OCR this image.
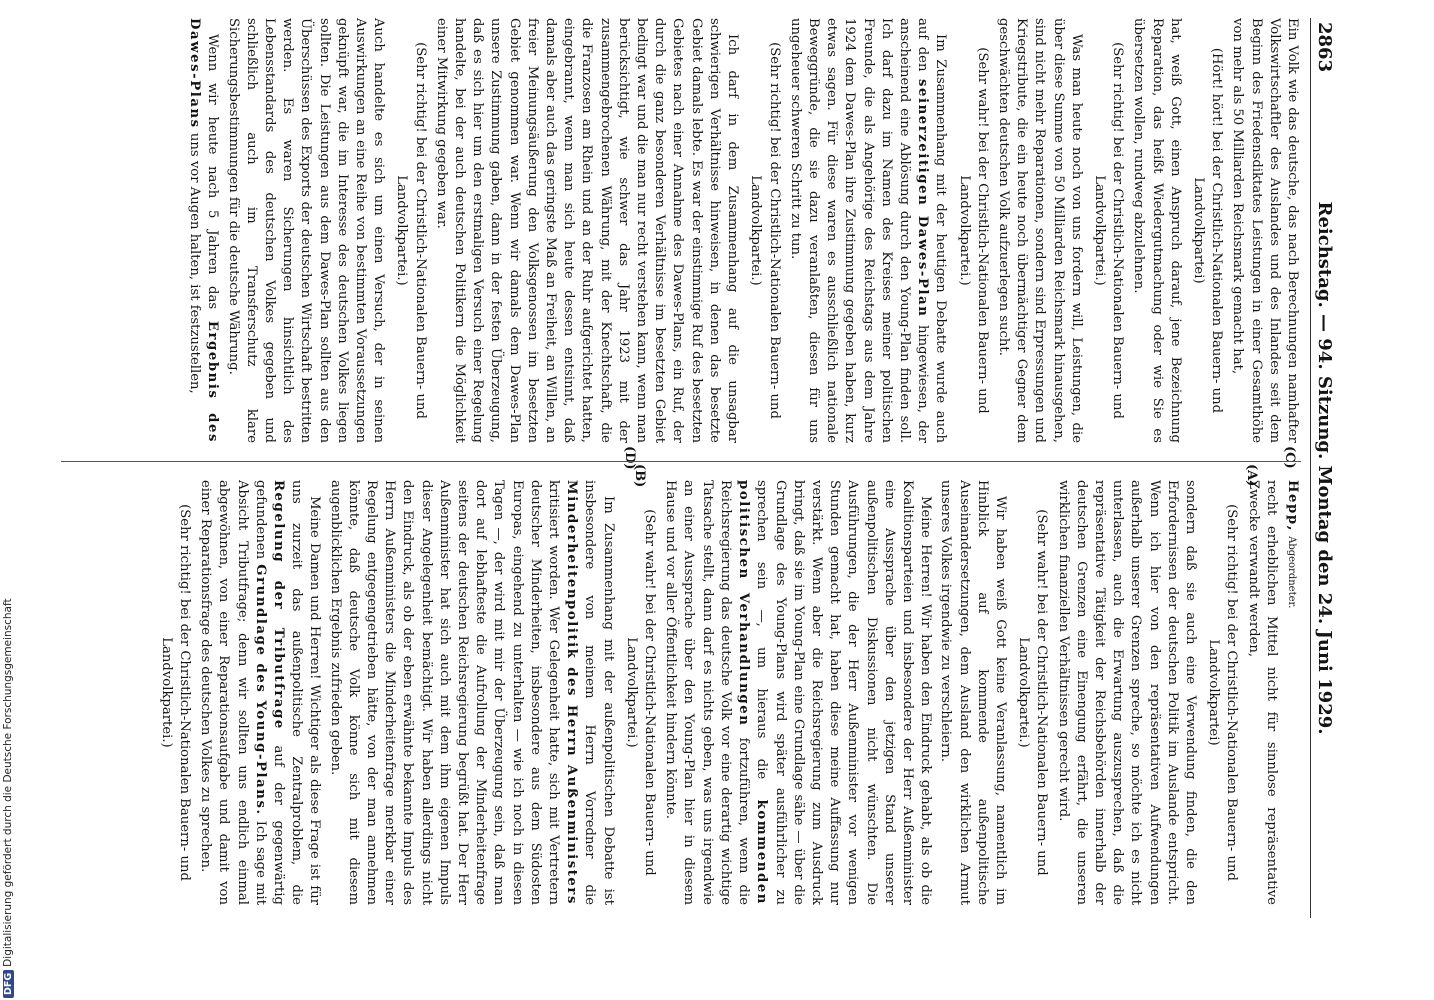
2863
Reichstag. — 94. Sitzung. Montag den 24. Juni 1929.
(C)
(D)

Ein Volk wie das deutsche, das nach Berechnungen namhafter Volkswirtschaftler des Auslandes und des Inlandes seit dem Beginn des Friedensdiktates Leistungen in einer Gesamthöhe von mehr als 50 Milliarden Reichsmark gemacht hat,

(Hört! hört! bei der Christlich-Nationalen Bauern- und Landvolkpartei)

hat, weiß Gott, einen Anspruch darauf, jene Bezeichnung Reparation, das heißt Wiedergutmachung oder wie Sie es übersetzen wollen, rundweg abzulehnen.

(Sehr richtig! bei der Christlich-Nationalen Bauern- und Landvolkpartei.)

Was man heute noch von uns fordern will, Leistungen, die über diese Summe von 50 Milliarden Reichsmark hinausgehen, sind nicht mehr Reparationen, sondern sind Erpressungen und Kriegstribute, die ein heute noch übermächtiger Gegner dem geschwächten deutschen Volk aufzuerlegen sucht.

(Sehr wahr! bei der Christlich-Nationalen Bauern- und Landvolkpartei.)

Im Zusammenhang mit der heutigen Debatte wurde auch auf den seinerzeitigen Dawes-Plan hingewiesen, der anscheinend eine Ablösung durch den Young-Plan finden soll. Ich darf dazu im Namen des Kreises meiner politischen Freunde, die als Angehörige des Reichstags aus dem Jahre 1924 dem Dawes-Plan ihre Zustimmung gegeben haben, kurz etwas sagen. Für diese waren es ausschließlich nationale Beweggründe, die sie dazu veranlaßten, diesen für uns ungeheuer schweren Schritt zu tun.

(Sehr richtig! bei der Christlich-Nationalen Bauern- und Landvolkpartei.)

Ich darf in dem Zusammenhang auf die unsagbar schwierigen Verhältnisse hinweisen, in denen das besetzte Gebiet damals lebte. Es war der einstimmige Ruf des besetzten Gebietes nach einer Annahme des Dawes-Plans, ein Ruf, der durch die ganz besonderen Verhältnisse im besetzten Gebiet bedingt war und die man nur recht verstehen kann, wenn man berücksichtigt, wie schwer das Jahr 1923 mit der zusammengebrochenen Währung, mit der Knechtschaft, die die Franzosen am Rhein und an der Ruhr aufgerichtet hatten, eingebrannt, wenn man sich heute dessen entsinnt, daß damals aber auch das geringste Maß an Freiheit, an Willen, an freier Meinungsäußerung den Volksgenossen im besetzten Gebiet genommen war. Wenn wir damals dem Dawes-Plan unsere Zustimmung gaben, dann in der festen Überzeugung, daß es sich hier um den erstmaligen Versuch einer Regelung handelte, bei der auch deutschen Politikern die Möglichkeit einer Mitwirkung gegeben war.

(Sehr richtig! bei der Christlich-Nationalen Bauern- und Landvolkpartei.)

Auch handelte es sich um einen Versuch, der in seinen Auswirkungen an eine Reihe von bestimmten Voraussetzungen geknüpft war, die im Interesse des deutschen Volkes liegen sollten. Die Leistungen aus dem Dawes-Plan sollten aus den Überschüssen des Exports der deutschen Wirtschaft bestritten werden. Es waren Sicherungen hinsichtlich des Lebensstandards des deutschen Volkes gegeben und schließlich auch im Transferschutz klare Sicherungsbestimmungen für die deutsche Währung.

Wenn wir heute nach 5 Jahren das Ergebnis des Dawes-Plans uns vor Augen halten, ist festzustellen,

(A)
(B)

Hepp, Abgeordneter.

recht erheblichen Mittel nicht für sinnlose repräsentative Zwecke verwandt werden,

(Sehr richtig! bei der Christlich-Nationalen Bauern- und Landvolkpartei)

sondern daß sie auch eine Verwendung finden, die den Erfordernissen der deutschen Politik im Auslande entspricht. Wenn ich hier von den repräsentativen Aufwendungen außerhalb unserer Grenzen spreche, so möchte ich es nicht unterlassen, auch die Erwartung auszusprechen, daß die repräsentative Tätigkeit der Reichsbehörden innerhalb der deutschen Grenzen eine Einengung erfährt, die unseren wirklichen finanziellen Verhältnissen gerecht wird.

(Sehr wahr! bei der Christlich-Nationalen Bauern- und Landvolkpartei.)

Wir haben weiß Gott keine Veranlassung, namentlich im Hinblick auf kommende außenpolitische Auseinandersetzungen, dem Ausland den wirklichen Armut unseres Volkes irgendwie zu verschleiern.

Meine Herren! Wir haben den Eindruck gehabt, als ob die Koalitionsparteien und insbesondere der Herr Außenminister eine Aussprache über den jetzigen Stand unserer außenpolitischen Diskussionen nicht wünschten. Die Ausführungen, die der Herr Außenminister vor wenigen Stunden gemacht hat, haben diese meine Auffassung nur verstärkt. Wenn aber die Reichsregierung zum Ausdruck bringt, daß sie im Young-Plan eine Grundlage sähe — über die Grundlage des Young-Plans wird später ausführlicher zu sprechen sein —, um hieraus die kommenden politischen Verhandlungen fortzuführen, wenn die Reichsregierung das deutsche Volk vor eine derartig wichtige Tatsache stellt, dann darf es nichts geben, was uns irgendwie an einer Aussprache über den Young-Plan hier in diesem Hause und vor aller Öffentlichkeit hindern könnte.

(Sehr wahr! bei der Christlich-Nationalen Bauern- und Landvolkpartei.)

Im Zusammenhang mit der außenpolitischen Debatte ist insbesondere von meinem Herrn Vorredner die Minderheitenpolitik des Herrn Außenministers kritisiert worden. Wer Gelegenheit hatte, sich mit Vertretern deutscher Minderheiten, insbesondere aus dem Südosten Europas, eingehend zu unterhalten — wie ich noch in diesen Tagen —, der wird mit mir der Überzeugung sein, daß man dort auf lebhafteste die Aufrollung der Minderheitenfrage seitens der deutschen Reichsregierung begrüßt hat. Der Herr Außenminister hat sich auch mit dem ihm eigenen Impuls dieser Angelegenheit bemächtigt. Wir haben allerdings nicht den Eindruck, als ob der eben erwähnte bekannte Impuls des Herrn Außenministers die Minderheitenfrage merkbar einer Regelung entgegengetrieben hätte, von der man annehmen könnte, daß deutsche Volk könne sich mit diesem augenblicklichen Ergebnis zufrieden geben.

Meine Damen und Herren! Wichtiger als diese Frage ist für uns zurzeit das außenpolitische Zentralproblem, die Regelung der Tributfrage auf der gegenwärtig gefundenen Grundlage des Young-Plans. Ich sage mit Absicht Tributfrage; denn wir sollten uns endlich einmal abgewöhnen, von einer Reparationsaufgabe und damit von einer Reparationsfrage des deutschen Volkes zu sprechen.

(Sehr richtig! bei der Christlich-Nationalen Bauern- und Landvolkpartei.)

DFGDigitalisierung gefördert durch die Deutsche Forschungsgemeinschaft
